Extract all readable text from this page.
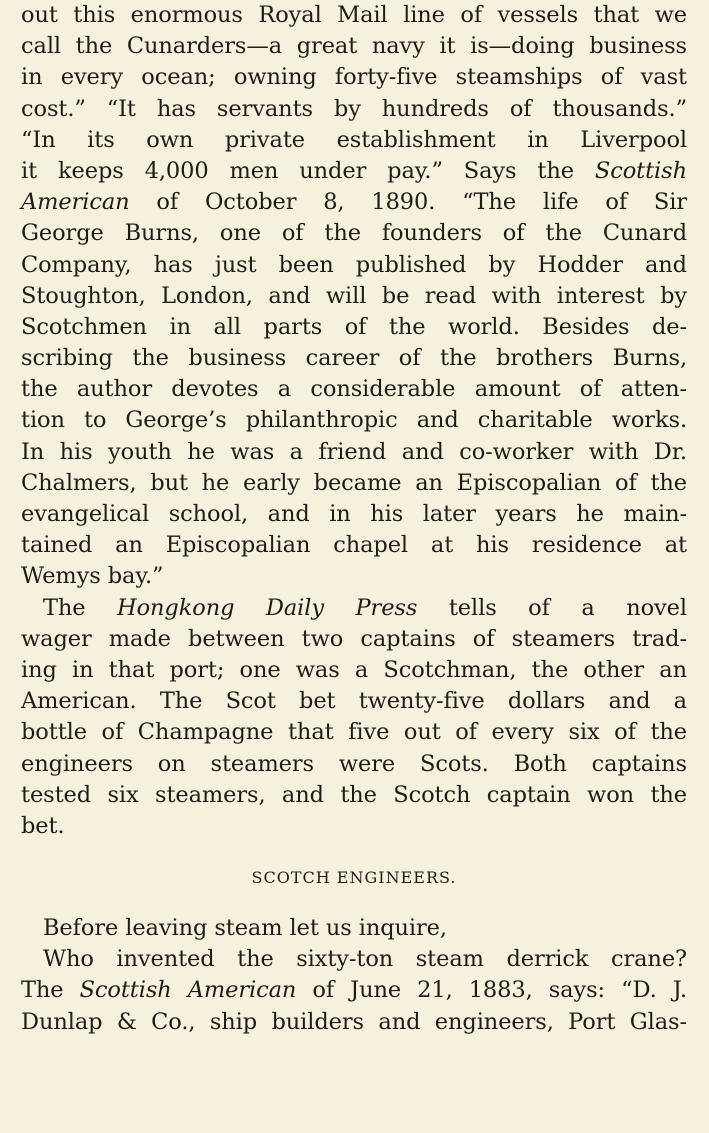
out this enormous Royal Mail line of vessels that we
call the Cunarders—a great navy it is—doing business
in every ocean; owning forty-five steamships of vast
cost.” “It has servants by hundreds of thousands.”
“In its own private establishment in Liverpool
it keeps 4,000 men under pay.” Says the Scottish
American of October 8, 1890. “The life of Sir
George Burns, one of the founders of the Cunard
Company, has just been published by Hodder and
Stoughton, London, and will be read with interest by
Scotchmen in all parts of the world. Besides de-
scribing the business career of the brothers Burns,
the author devotes a considerable amount of atten-
tion to George’s philanthropic and charitable works.
In his youth he was a friend and co-worker with Dr.
Chalmers, but he early became an Episcopalian of the
evangelical school, and in his later years he main-
tained an Episcopalian chapel at his residence at
Wemys bay.”
The Hongkong Daily Press tells of a novel
wager made between two captains of steamers trad-
ing in that port; one was a Scotchman, the other an
American. The Scot bet twenty-five dollars and a
bottle of Champagne that five out of every six of the
engineers on steamers were Scots. Both captains
tested six steamers, and the Scotch captain won the
bet.
SCOTCH ENGINEERS.
Before leaving steam let us inquire,
Who invented the sixty-ton steam derrick crane?
The Scottish American of June 21, 1883, says: “D. J.
Dunlap & Co., ship builders and engineers, Port Glas-
